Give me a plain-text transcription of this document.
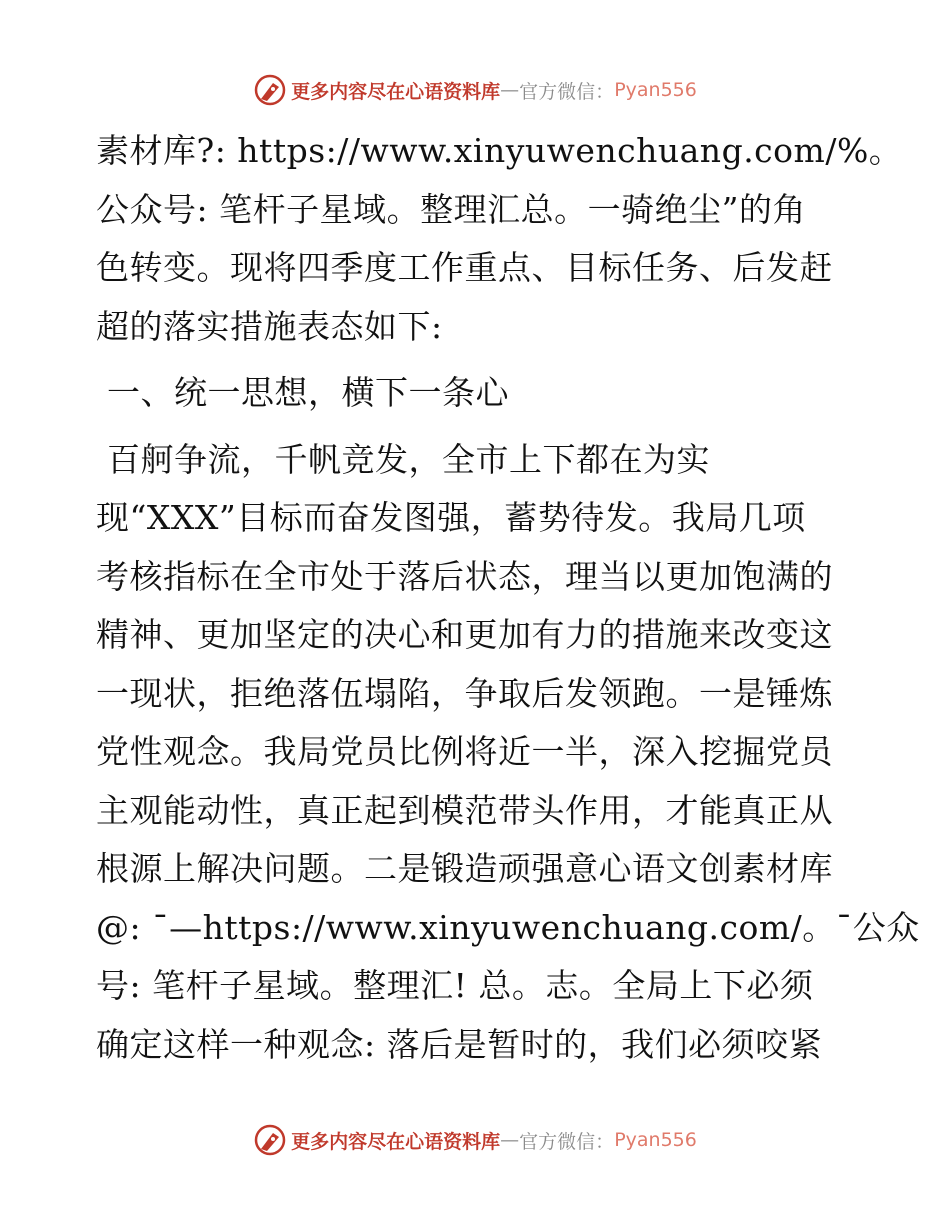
更多内容尽在心语资料库 — 官方微信： Pyan556
素材库?: https://www.xinyuwenchuang.com/%。
公众号: 笔杆子星域。整理汇总。一骑绝尘”的角
色转变。现将四季度工作重点、目标任务、后发赶
超的落实措施表态如下:
一、统一思想，横下一条心
百舸争流，千帆竞发，全市上下都在为实
现“XXX”目标而奋发图强，蓄势待发。我局几项
考核指标在全市处于落后状态，理当以更加饱满的
精神、更加坚定的决心和更加有力的措施来改变这
一现状，拒绝落伍塌陷，争取后发领跑。一是锤炼
党性观念。我局党员比例将近一半，深入挖掘党员
主观能动性，真正起到模范带头作用，才能真正从
根源上解决问题。二是锻造顽强意心语文创素材库
@: ¯—https://www.xinyuwenchuang.com/。¯公众
号: 笔杆子星域。整理汇! 总。志。全局上下必须
确定这样一种观念: 落后是暂时的，我们必须咬紧
更多内容尽在心语资料库 — 官方微信： Pyan556
